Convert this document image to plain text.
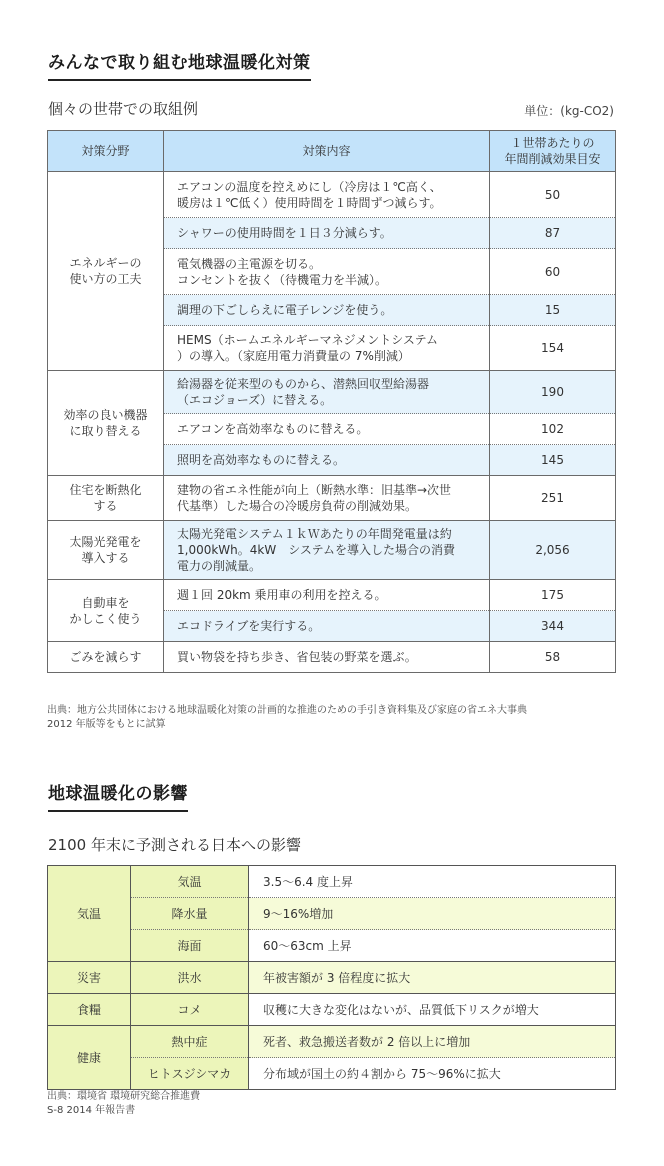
みんなで取り組む地球温暖化対策
個々の世帯での取組例	単位：(kg-CO2)
対策分野	対策内容	１世帯あたりの
年間削減効果目安
エネルギーの
使い方の工夫	エアコンの温度を控えめにし（冷房は１℃高く、
暖房は１℃低く）使用時間を１時間ずつ減らす。	50
	シャワーの使用時間を１日３分減らす。	87
	電気機器の主電源を切る。
コンセントを抜く（待機電力を半減）。	60
	調理の下ごしらえに電子レンジを使う。	15
	HEMS（ホームエネルギーマネジメントシステム
）の導入。（家庭用電力消費量の 7%削減）	154
効率の良い機器
に取り替える	給湯器を従来型のものから、潜熱回収型給湯器
（エコジョーズ）に替える。	190
	エアコンを高効率なものに替える。	102
	照明を高効率なものに替える。	145
住宅を断熱化
する	建物の省エネ性能が向上（断熱水準：旧基準→次世
代基準）した場合の冷暖房負荷の削減効果。	251
太陽光発電を
導入する	太陽光発電システム１ｋＷあたりの年間発電量は約
1,000kWh。4kW　システムを導入した場合の消費
電力の削減量。	2,056
自動車を
かしこく使う	週１回 20km 乗用車の利用を控える。	175
	エコドライブを実行する。	344
ごみを減らす	買い物袋を持ち歩き、省包装の野菜を選ぶ。	58
出典：地方公共団体における地球温暖化対策の計画的な推進のための手引き資料集及び家庭の省エネ大事典
2012 年版等をもとに試算
地球温暖化の影響
2100 年末に予測される日本への影響
気温	気温	3.5〜6.4 度上昇
	降水量	9〜16%増加
	海面	60〜63cm 上昇
災害	洪水	年被害額が 3 倍程度に拡大
食糧	コメ	収穫に大きな変化はないが、品質低下リスクが増大
健康	熱中症	死者、救急搬送者数が 2 倍以上に増加
	ヒトスジシマカ	分布域が国土の約４割から 75〜96%に拡大
出典：環境省 環境研究総合推進費
S-8 2014 年報告書
